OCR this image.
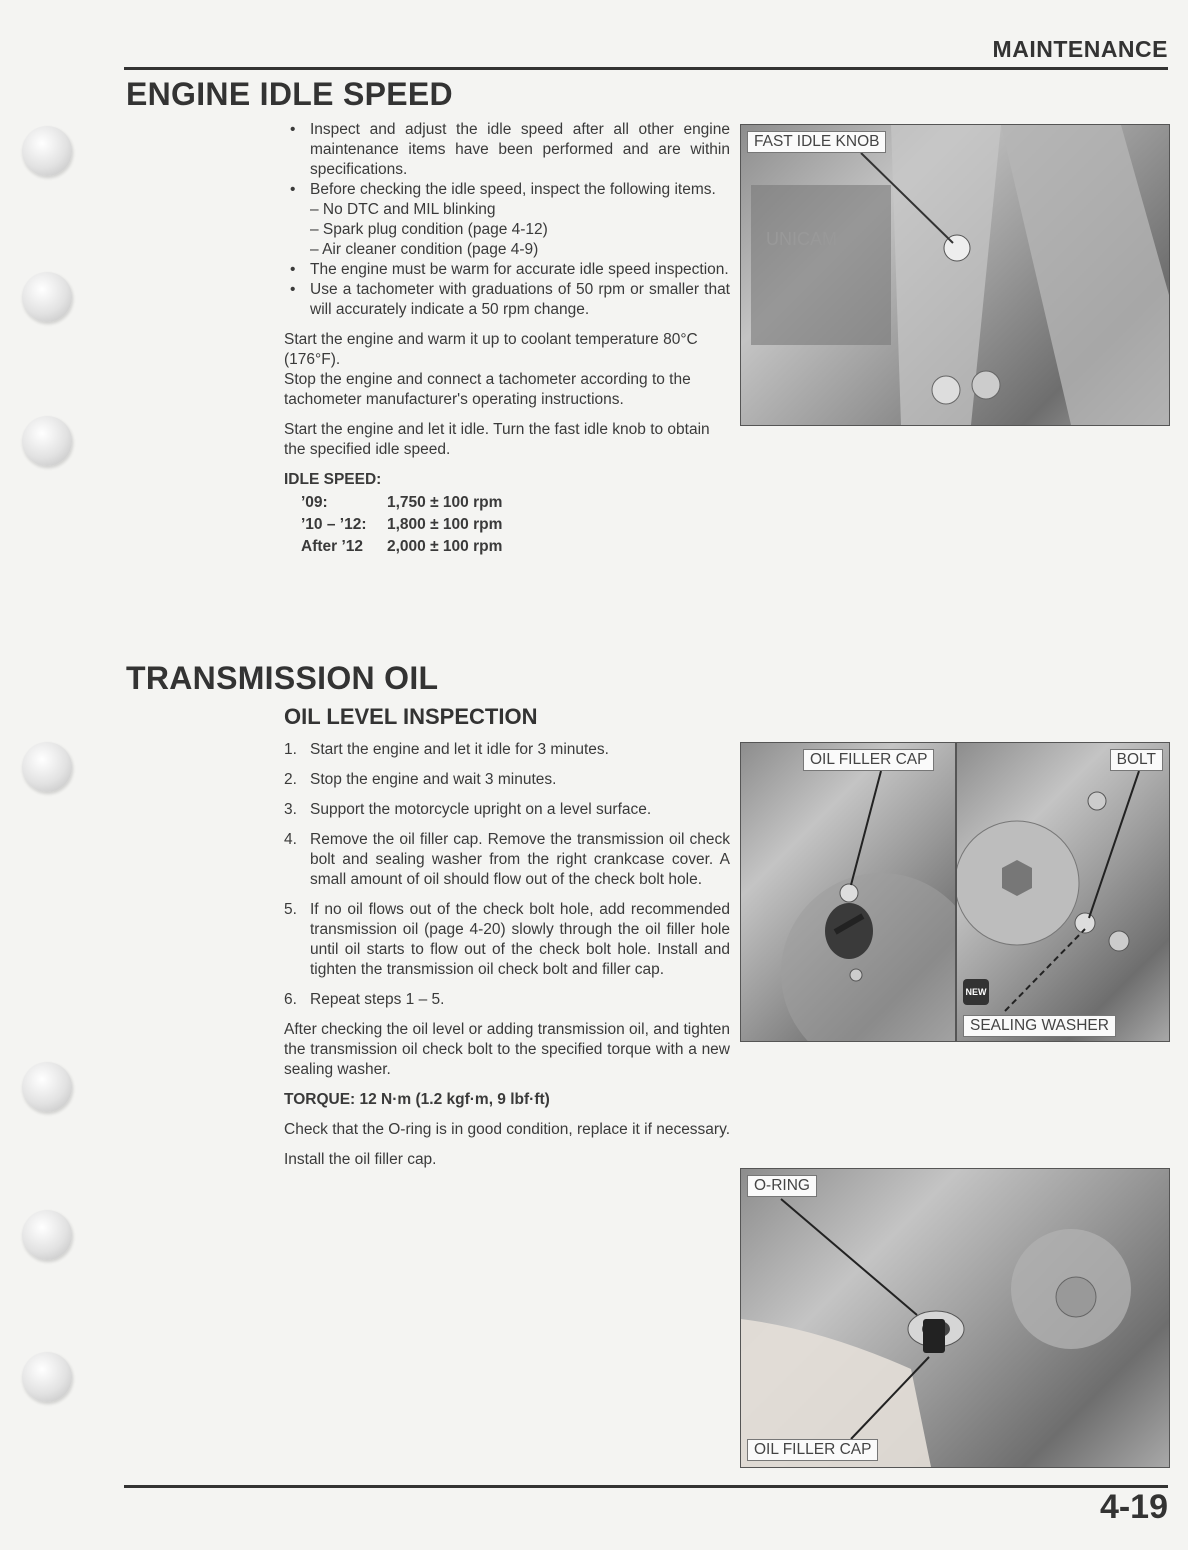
MAINTENANCE
ENGINE IDLE SPEED
• Inspect and adjust the idle speed after all other engine maintenance items have been performed and are within specifications.
• Before checking the idle speed, inspect the following items.
– No DTC and MIL blinking
– Spark plug condition (page 4-12)
– Air cleaner condition (page 4-9)
• The engine must be warm for accurate idle speed inspection.
• Use a tachometer with graduations of 50 rpm or smaller that will accurately indicate a 50 rpm change.

Start the engine and warm it up to coolant temperature 80°C (176°F).

Stop the engine and connect a tachometer according to the tachometer manufacturer's operating instructions.

Start the engine and let it idle. Turn the fast idle knob to obtain the specified idle speed.

IDLE SPEED:
’09:	1,750 ± 100 rpm
’10 – ’12:	1,800 ± 100 rpm
After ’12	2,000 ± 100 rpm
UNICAM
FAST IDLE KNOB
TRANSMISSION OIL
OIL LEVEL INSPECTION
1. Start the engine and let it idle for 3 minutes.
2. Stop the engine and wait 3 minutes.
3. Support the motorcycle upright on a level surface.
4. Remove the oil filler cap. Remove the transmission oil check bolt and sealing washer from the right crankcase cover. A small amount of oil should flow out of the check bolt hole.
5. If no oil flows out of the check bolt hole, add recommended transmission oil (page 4-20) slowly through the oil filler hole until oil starts to flow out of the check bolt hole. Install and tighten the transmission oil check bolt and filler cap.
6. Repeat steps 1 – 5.

After checking the oil level or adding transmission oil, and tighten the transmission oil check bolt to the specified torque with a new sealing washer.

TORQUE: 12 N·m (1.2 kgf·m, 9 lbf·ft)

Check that the O-ring is in good condition, replace it if necessary.

Install the oil filler cap.

OIL FILLER CAP	BOLT
NEW
SEALING WASHER
O-RING
OIL FILLER CAP
4-19
